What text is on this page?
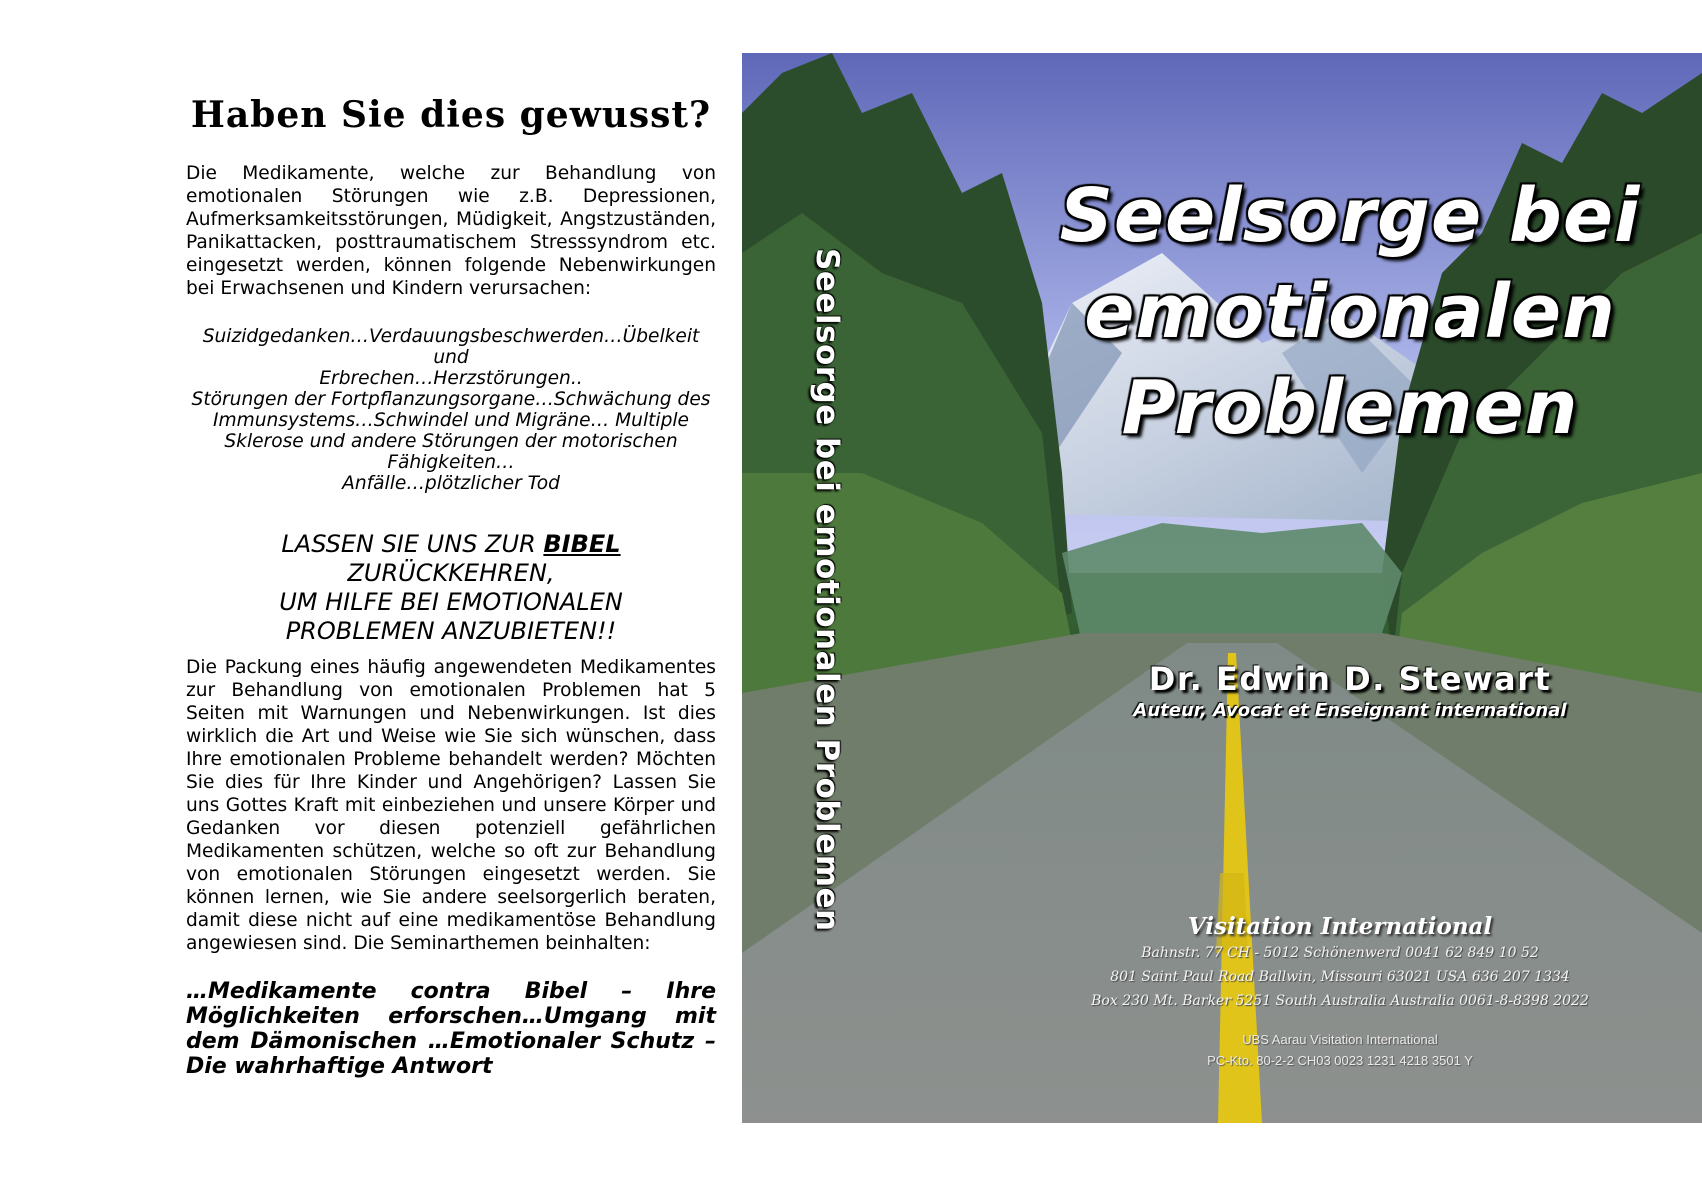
Haben Sie dies gewusst?

Die Medikamente, welche zur Behandlung von emotionalen Störungen wie z.B. Depressionen, Aufmerksamkeitsstörungen, Müdigkeit, Angstzuständen, Panikattacken, posttraumatischem Stresssyndrom etc. eingesetzt werden, können folgende Nebenwirkungen bei Erwachsenen und Kindern verursachen:

Suizidgedanken…Verdauungsbeschwerden…Übelkeit und
Erbrechen…Herzstörungen..
Störungen der Fortpflanzungsorgane…Schwächung des
Immunsystems…Schwindel und Migräne… Multiple
Sklerose und andere Störungen der motorischen
Fähigkeiten…
Anfälle…plötzlicher Tod
LASSEN SIE UNS ZUR BIBEL
ZURÜCKKEHREN,
UM HILFE BEI EMOTIONALEN
PROBLEMEN ANZUBIETEN!!

Die Packung eines häufig angewendeten Medikamentes zur Behandlung von emotionalen Problemen hat 5 Seiten mit Warnungen und Nebenwirkungen. Ist dies wirklich die Art und Weise wie Sie sich wünschen, dass Ihre emotionalen Probleme behandelt werden? Möchten Sie dies für Ihre Kinder und Angehörigen? Lassen Sie uns Gottes Kraft mit einbeziehen und unsere Körper und Gedanken vor diesen potenziell gefährlichen Medikamenten schützen, welche so oft zur Behandlung von emotionalen Störungen eingesetzt werden. Sie können lernen, wie Sie andere seelsorgerlich beraten, damit diese nicht auf eine medikamentöse Behandlung angewiesen sind. Die Seminarthemen beinhalten:

…Medikamente contra Bibel – Ihre Möglichkeiten erforschen…Umgang mit dem Dämonischen …Emotionaler Schutz – Die wahrhaftige Antwort

Seelsorge bei emotionalen Problemen
Seelsorge bei
emotionalen
Problemen
Dr. Edwin D. Stewart
Auteur, Avocat et Enseignant international
Visitation International
Bahnstr. 77 CH - 5012 Schönenwerd 0041 62 849 10 52
801 Saint Paul Road Ballwin, Missouri 63021 USA 636 207 1334
Box 230 Mt. Barker 5251 South Australia Australia 0061-8-8398 2022
UBS Aarau Visitation International
PC-Kto. 80-2-2 CH03 0023 1231 4218 3501 Y
